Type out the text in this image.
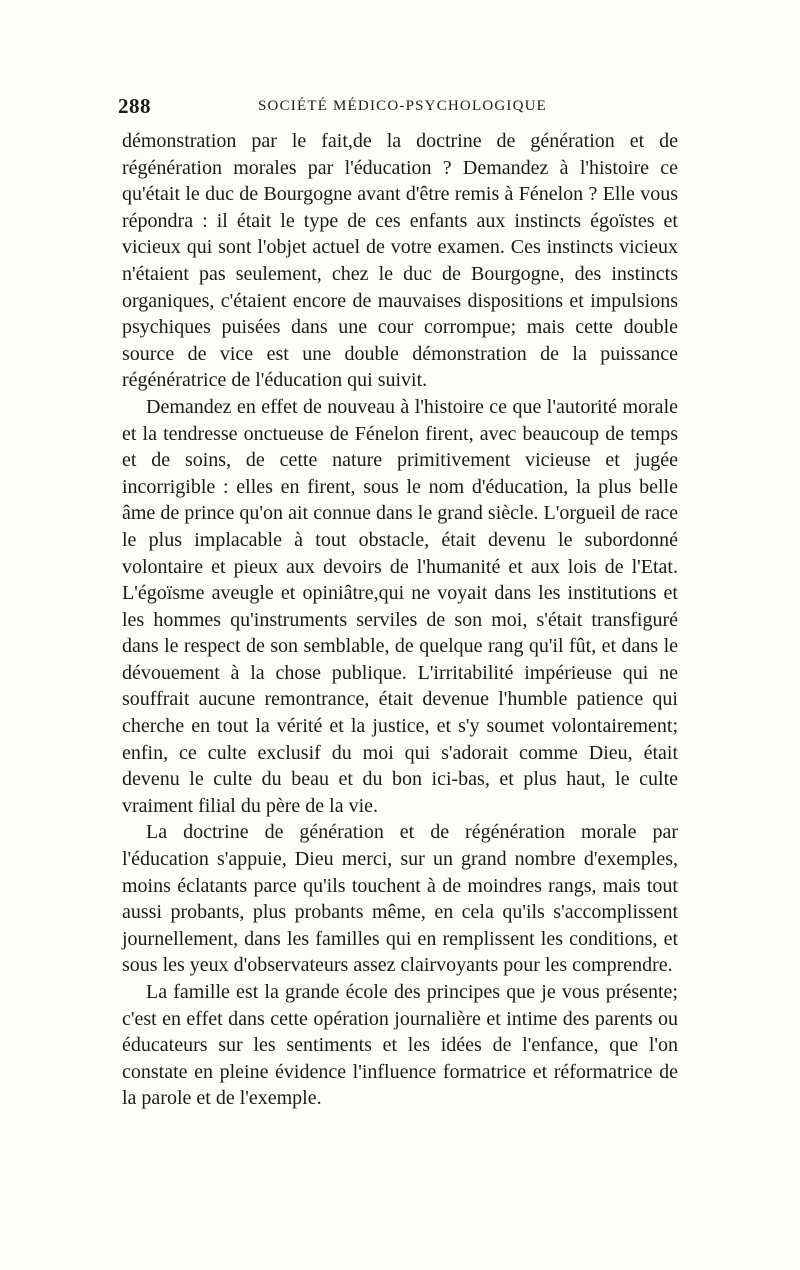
288	SOCIÉTÉ MÉDICO-PSYCHOLOGIQUE

démonstration par le fait,de la doctrine de génération et de régénération morales par l'éducation ? Demandez à l'histoire ce qu'était le duc de Bourgogne avant d'être remis à Fénelon ? Elle vous répondra : il était le type de ces enfants aux instincts égoïstes et vicieux qui sont l'objet actuel de votre examen. Ces instincts vicieux n'étaient pas seulement, chez le duc de Bourgogne, des instincts organiques, c'étaient encore de mauvaises dispositions et impulsions psychiques puisées dans une cour corrompue; mais cette double source de vice est une double démonstration de la puissance régénératrice de l'éducation qui suivit.

Demandez en effet de nouveau à l'histoire ce que l'autorité morale et la tendresse onctueuse de Fénelon firent, avec beaucoup de temps et de soins, de cette nature primitivement vicieuse et jugée incorrigible : elles en firent, sous le nom d'éducation, la plus belle âme de prince qu'on ait connue dans le grand siècle. L'orgueil de race le plus implacable à tout obstacle, était devenu le subordonné volontaire et pieux aux devoirs de l'humanité et aux lois de l'Etat. L'égoïsme aveugle et opiniâtre,qui ne voyait dans les institutions et les hommes qu'instruments serviles de son moi, s'était transfiguré dans le respect de son semblable, de quelque rang qu'il fût, et dans le dévouement à la chose publique. L'irritabilité impérieuse qui ne souffrait aucune remontrance, était devenue l'humble patience qui cherche en tout la vérité et la justice, et s'y soumet volontairement; enfin, ce culte exclusif du moi qui s'adorait comme Dieu, était devenu le culte du beau et du bon ici-bas, et plus haut, le culte vraiment filial du père de la vie.

La doctrine de génération et de régénération morale par l'éducation s'appuie, Dieu merci, sur un grand nombre d'exemples, moins éclatants parce qu'ils touchent à de moindres rangs, mais tout aussi probants, plus probants même, en cela qu'ils s'accomplissent journellement, dans les familles qui en remplissent les conditions, et sous les yeux d'observateurs assez clairvoyants pour les comprendre.

La famille est la grande école des principes que je vous présente; c'est en effet dans cette opération journalière et intime des parents ou éducateurs sur les sentiments et les idées de l'enfance, que l'on constate en pleine évidence l'influence formatrice et réformatrice de la parole et de l'exemple.
